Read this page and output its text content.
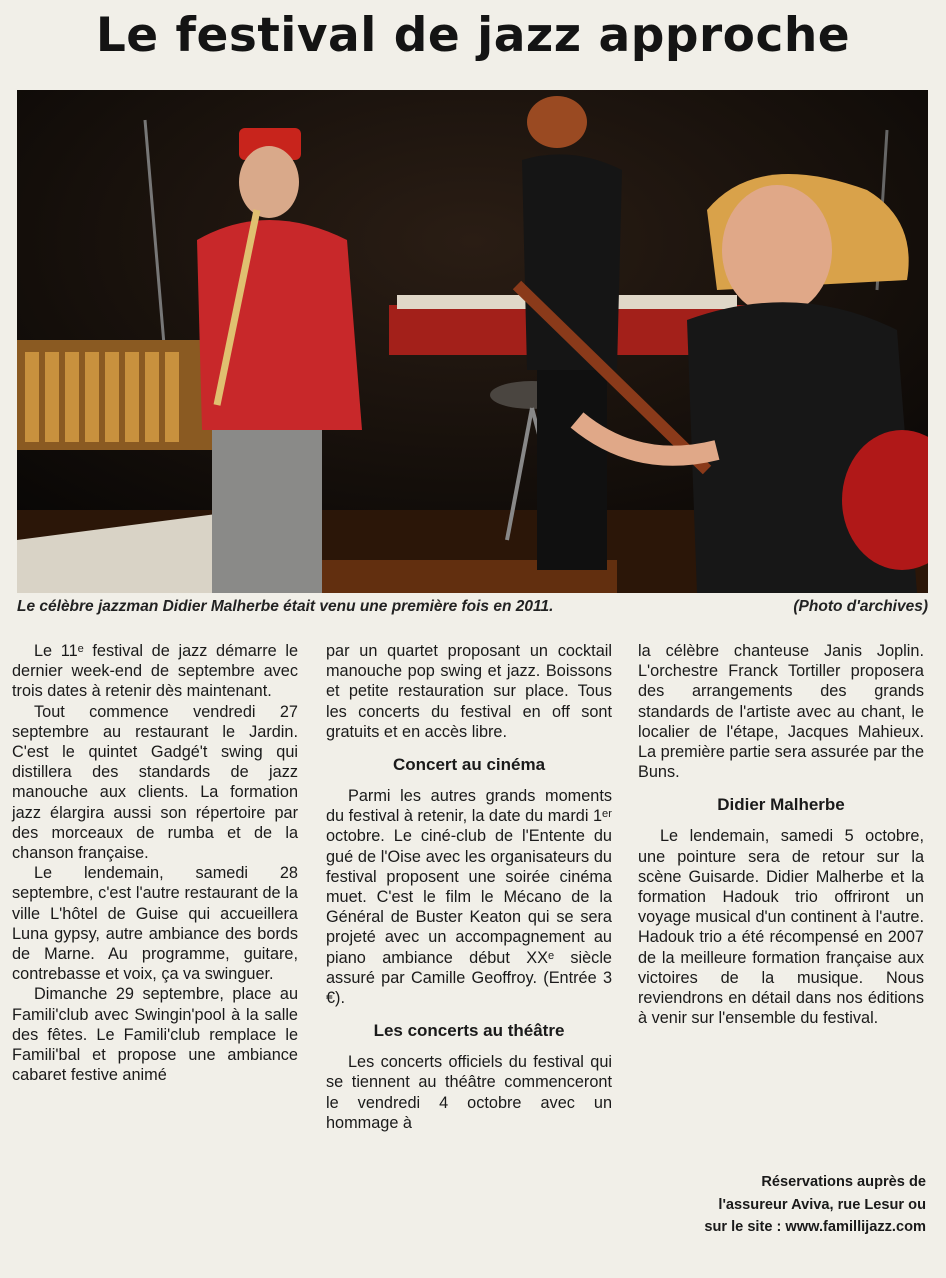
Le festival de jazz approche
Le célèbre jazzman Didier Malherbe était venu une première fois en 2011.	(Photo d'archives)

Le 11ᵉ festival de jazz démarre le dernier week-end de septembre avec trois dates à retenir dès maintenant.

Tout commence vendredi 27 septembre au restaurant le Jardin. C'est le quintet Gadgé't swing qui distillera des standards de jazz manouche aux clients. La formation jazz élargira aussi son répertoire par des morceaux de rumba et de la chanson française.

Le lendemain, samedi 28 septembre, c'est l'autre restaurant de la ville L'hôtel de Guise qui accueillera Luna gypsy, autre ambiance des bords de Marne. Au programme, guitare, contrebasse et voix, ça va swinguer.

Dimanche 29 septembre, place au Famili'club avec Swingin'pool à la salle des fêtes. Le Famili'club remplace le Famili'bal et propose une ambiance cabaret festive animé

par un quartet proposant un cocktail manouche pop swing et jazz. Boissons et petite restauration sur place. Tous les concerts du festival en off sont gratuits et en accès libre.

Concert au cinéma

Parmi les autres grands moments du festival à retenir, la date du mardi 1ᵉʳ octobre. Le ciné-club de l'Entente du gué de l'Oise avec les organisateurs du festival proposent une soirée cinéma muet. C'est le film le Mécano de la Général de Buster Keaton qui se sera projeté avec un accompagnement au piano ambiance début XXᵉ siècle assuré par Camille Geoffroy. (Entrée 3 €).

Les concerts au théâtre

Les concerts officiels du festival qui se tiennent au théâtre commenceront le vendredi 4 octobre avec un hommage à

la célèbre chanteuse Janis Joplin. L'orchestre Franck Tortiller proposera des arrangements des grands standards de l'artiste avec au chant, le localier de l'étape, Jacques Mahieux. La première partie sera assurée par the Buns.

Didier Malherbe

Le lendemain, samedi 5 octobre, une pointure sera de retour sur la scène Guisarde. Didier Malherbe et la formation Hadouk trio offriront un voyage musical d'un continent à l'autre. Hadouk trio a été récompensé en 2007 de la meilleure formation française aux victoires de la musique. Nous reviendrons en détail dans nos éditions à venir sur l'ensemble du festival.

Réservations auprès de
l'assureur Aviva, rue Lesur ou
sur le site : www.famillijazz.com
